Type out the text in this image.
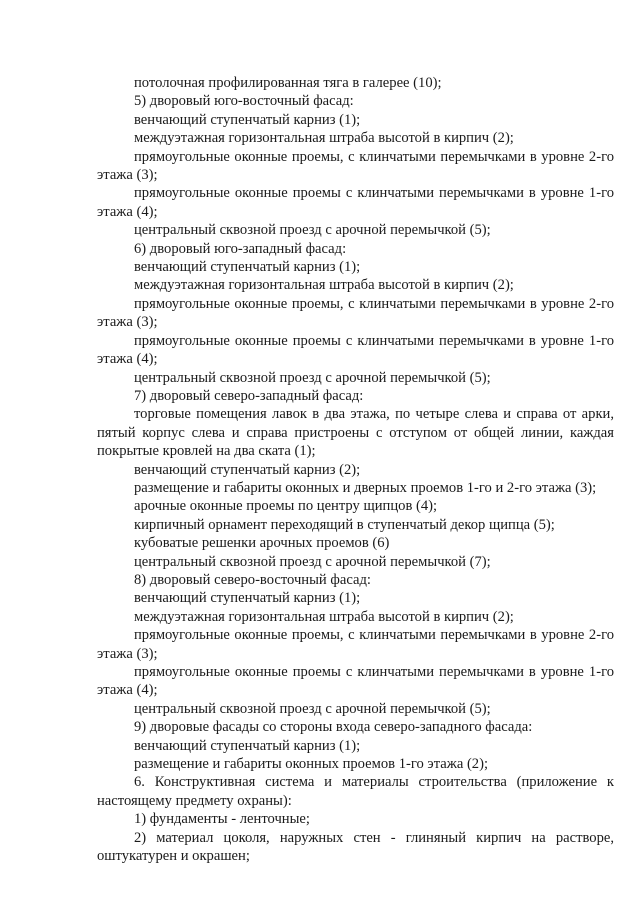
потолочная профилированная тяга в галерее (10);

5) дворовый юго-восточный фасад:

венчающий ступенчатый карниз (1);

междуэтажная горизонтальная штраба высотой в кирпич (2);

прямоугольные оконные проемы, с клинчатыми перемычками в уровне 2-го этажа (3);

прямоугольные оконные проемы с клинчатыми перемычками в уровне 1-го этажа (4);

центральный сквозной проезд с арочной перемычкой (5);

6) дворовый юго-западный фасад:

венчающий ступенчатый карниз (1);

междуэтажная горизонтальная штраба высотой в кирпич (2);

прямоугольные оконные проемы, с клинчатыми перемычками в уровне 2-го этажа (3);

прямоугольные оконные проемы с клинчатыми перемычками в уровне 1-го этажа (4);

центральный сквозной проезд с арочной перемычкой (5);

7) дворовый северо-западный фасад:

торговые помещения лавок в два этажа, по четыре слева и справа от арки, пятый корпус слева и справа пристроены с отступом от общей линии, каждая покрытые кровлей на два ската (1);

венчающий ступенчатый карниз (2);

размещение и габариты оконных и дверных проемов 1-го и 2-го этажа (3);

арочные оконные проемы по центру щипцов (4);

кирпичный орнамент переходящий в ступенчатый декор щипца (5);

кубоватые решенки арочных проемов (6)

центральный сквозной проезд с арочной перемычкой (7);

8) дворовый северо-восточный фасад:

венчающий ступенчатый карниз (1);

междуэтажная горизонтальная штраба высотой в кирпич (2);

прямоугольные оконные проемы, с клинчатыми перемычками в уровне 2-го этажа (3);

прямоугольные оконные проемы с клинчатыми перемычками в уровне 1-го этажа (4);

центральный сквозной проезд с арочной перемычкой (5);

9) дворовые фасады со стороны входа северо-западного фасада:

венчающий ступенчатый карниз (1);

размещение и габариты оконных проемов 1-го этажа (2);

6. Конструктивная система и материалы строительства (приложение к настоящему предмету охраны):

1) фундаменты - ленточные;

2) материал цоколя, наружных стен - глиняный кирпич на растворе, оштукатурен и окрашен;
